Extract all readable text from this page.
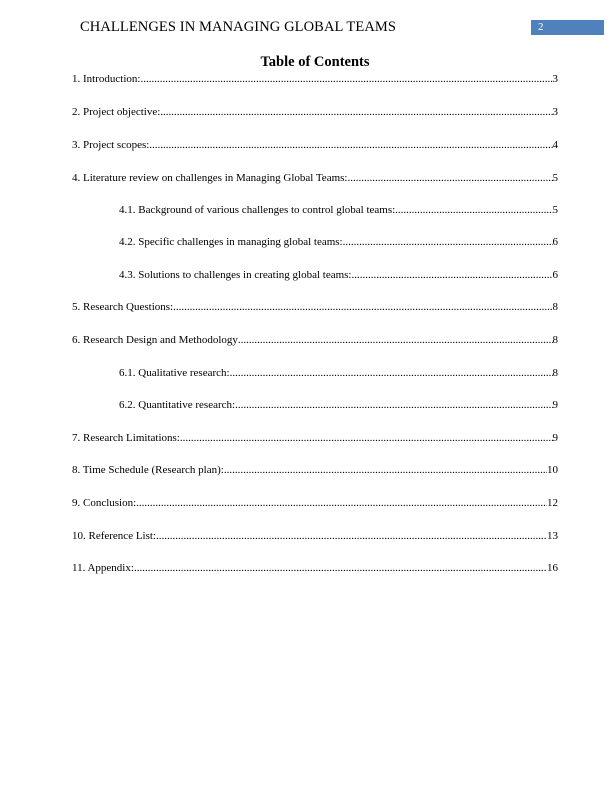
CHALLENGES IN MANAGING GLOBAL TEAMS	2
Table of Contents
1. Introduction: .....	3
2. Project objective: .....	3
3. Project scopes: .....	4
4. Literature review on challenges in Managing Global Teams: .....	5
4.1. Background of various challenges to control global teams: .....	5
4.2. Specific challenges in managing global teams: .....	6
4.3. Solutions to challenges in creating global teams: .....	6
5. Research Questions: .....	8
6. Research Design and Methodology .....	8
6.1. Qualitative research: .....	8
6.2. Quantitative research: .....	9
7. Research Limitations: .....	9
8. Time Schedule (Research plan): .....	10
9. Conclusion: .....	12
10. Reference List: .....	13
11. Appendix: .....	16
